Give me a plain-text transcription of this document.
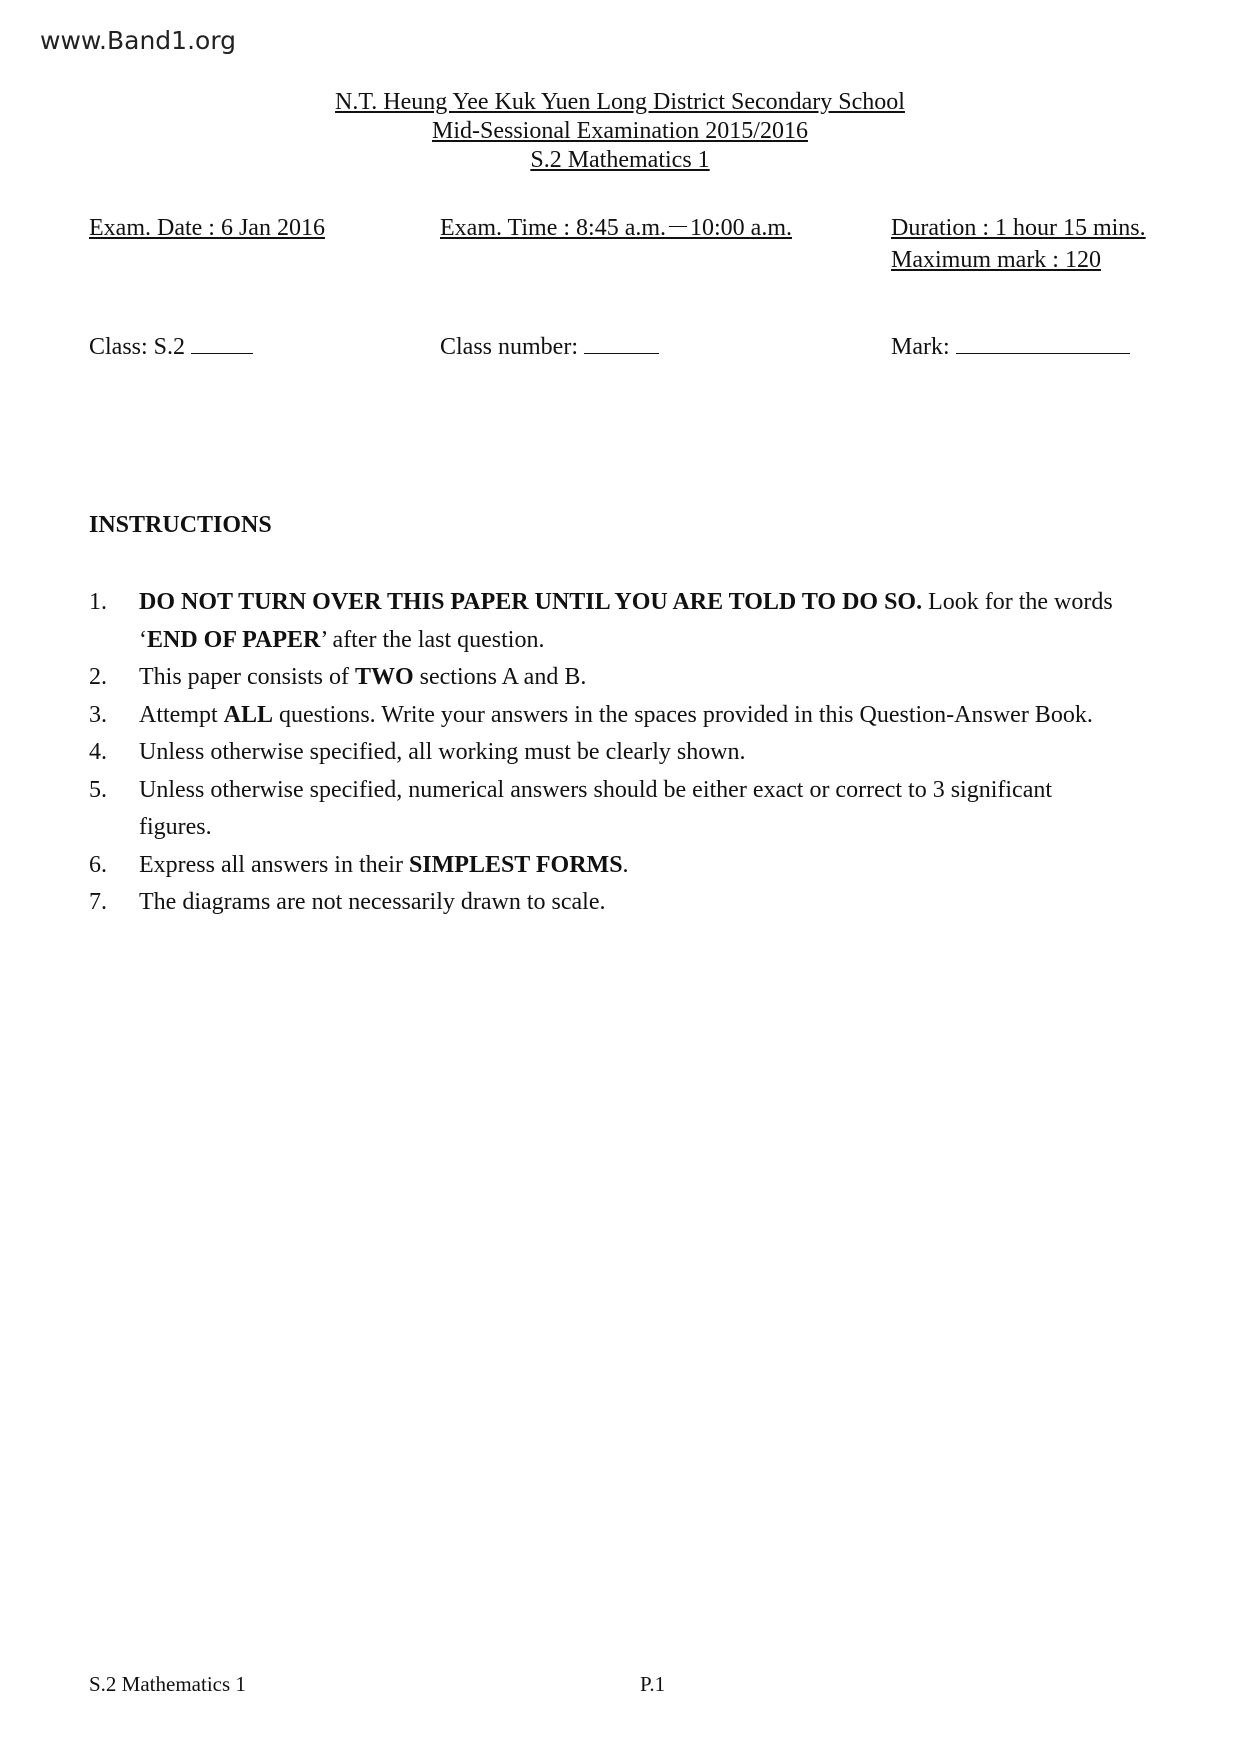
www.Band1.org
N.T. Heung Yee Kuk Yuen Long District Secondary School
Mid-Sessional Examination 2015/2016
S.2 Mathematics 1
Exam. Date : 6 Jan 2016	Exam. Time : 8:45 a.m.－10:00 a.m.	Duration : 1 hour 15 mins.
Maximum mark : 120
Class: S.2	Class number:	Mark:
INSTRUCTIONS
1.	DO NOT TURN OVER THIS PAPER UNTIL YOU ARE TOLD TO DO SO. Look for the words ‘END OF PAPER’ after the last question.
2.	This paper consists of TWO sections A and B.
3.	Attempt ALL questions. Write your answers in the spaces provided in this Question-Answer Book.
4.	Unless otherwise specified, all working must be clearly shown.
5.	Unless otherwise specified, numerical answers should be either exact or correct to 3 significant figures.
6.	Express all answers in their SIMPLEST FORMS.
7.	The diagrams are not necessarily drawn to scale.
S.2 Mathematics 1	P.1
